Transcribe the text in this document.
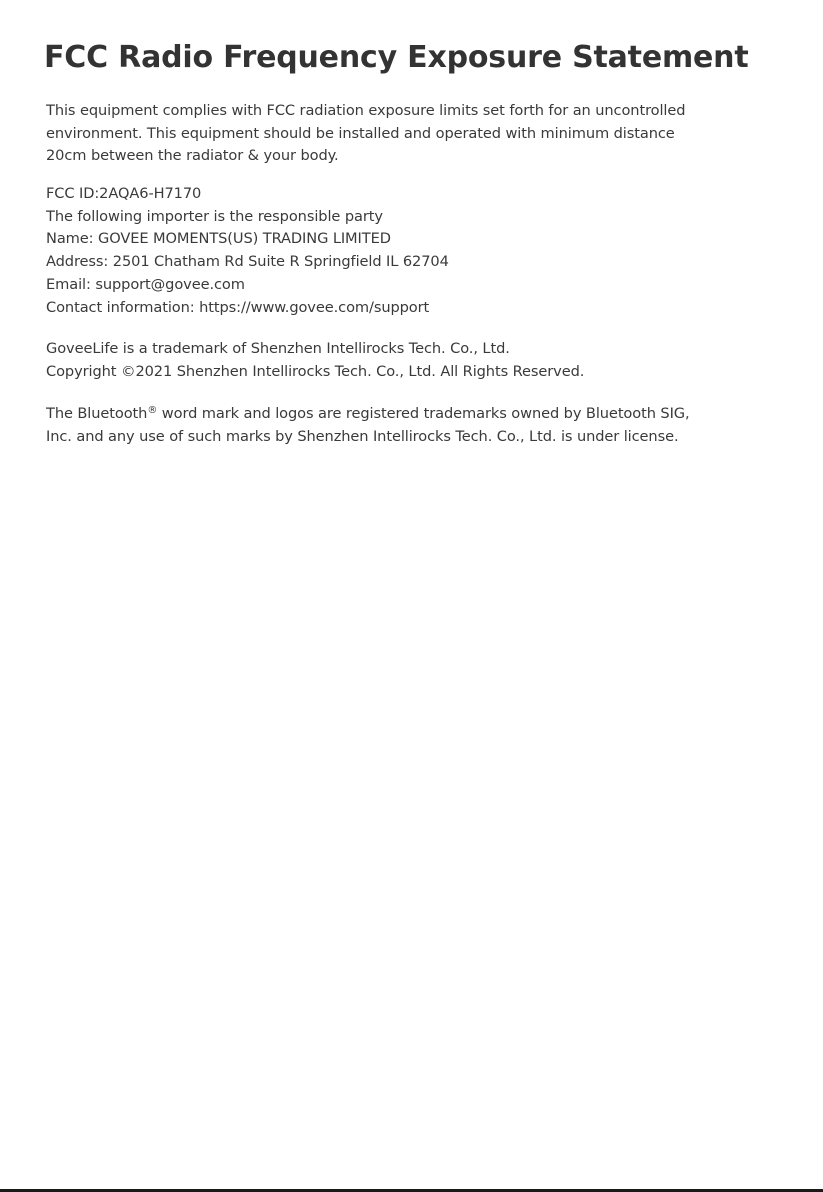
FCC Radio Frequency Exposure Statement
This equipment complies with FCC radiation exposure limits set forth for an uncontrolled
environment. This equipment should be installed and operated with minimum distance
20cm between the radiator & your body.
FCC ID:2AQA6-H7170
The following importer is the responsible party
Name: GOVEE MOMENTS(US) TRADING LIMITED
Address: 2501 Chatham Rd Suite R Springfield IL 62704
Email: support@govee.com
Contact information: https://www.govee.com/support
GoveeLife is a trademark of Shenzhen Intellirocks Tech. Co., Ltd.
Copyright ©2021 Shenzhen Intellirocks Tech. Co., Ltd. All Rights Reserved.
The Bluetooth® word mark and logos are registered trademarks owned by Bluetooth SIG,
Inc. and any use of such marks by Shenzhen Intellirocks Tech. Co., Ltd. is under license.
